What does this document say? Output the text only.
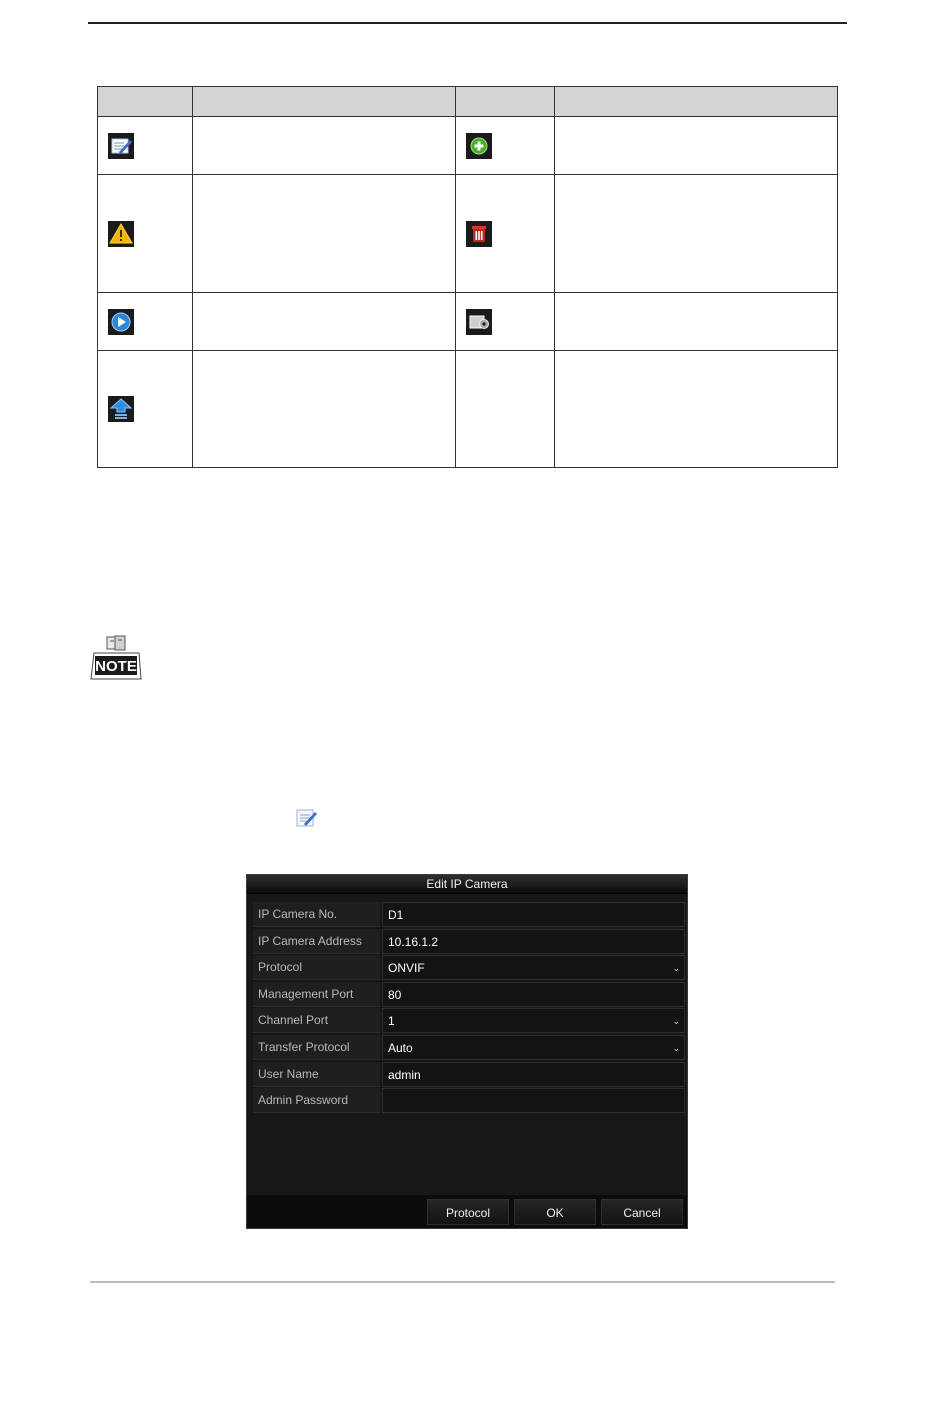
NOTE
Edit IP Camera
IP Camera No.	D1
IP Camera Address	10.16.1.2
Protocol	ONVIF	⌄
Management Port	80
Channel Port	1	⌄
Transfer Protocol	Auto	⌄
User Name	admin
Admin Password
Protocol	OK	Cancel
